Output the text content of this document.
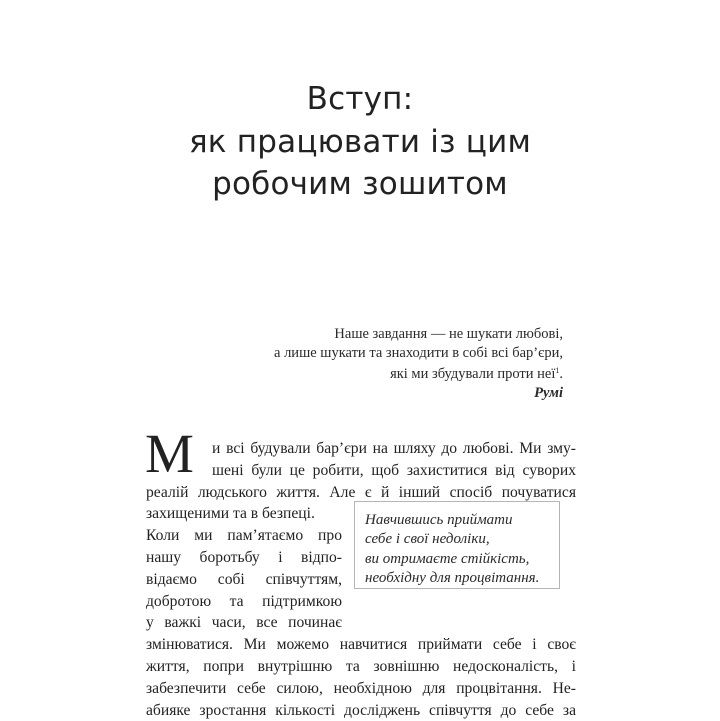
Вступ:
як працювати із цим
робочим зошитом
Наше завдання — не шукати любові,
а лише шукати та знаходити в собі всі бар’єри,
які ми збудували проти неї$^1$.
Румі
М	и всі будували бар’єри на шляху до любові. Ми зму-
шені були це робити, щоб захиститися від суворих
реалій людського життя. Але є й інший спосіб почуватися
захищеними та в безпеці.
Коли ми пам’ятаємо про
нашу боротьбу і відпо-
відаємо собі співчуттям,
добротою та підтримкою
у важкі часи, все починає
змінюватися. Ми можемо навчитися приймати себе і своє
життя, попри внутрішню та зовнішню недосконалість, і
забезпечити себе силою, необхідною для процвітання. Не-
абияке зростання кількості досліджень співчуття до себе за
Навчившись приймати
себе і свої недоліки,
ви отримаєте стійкість,
необхідну для процвітання.
